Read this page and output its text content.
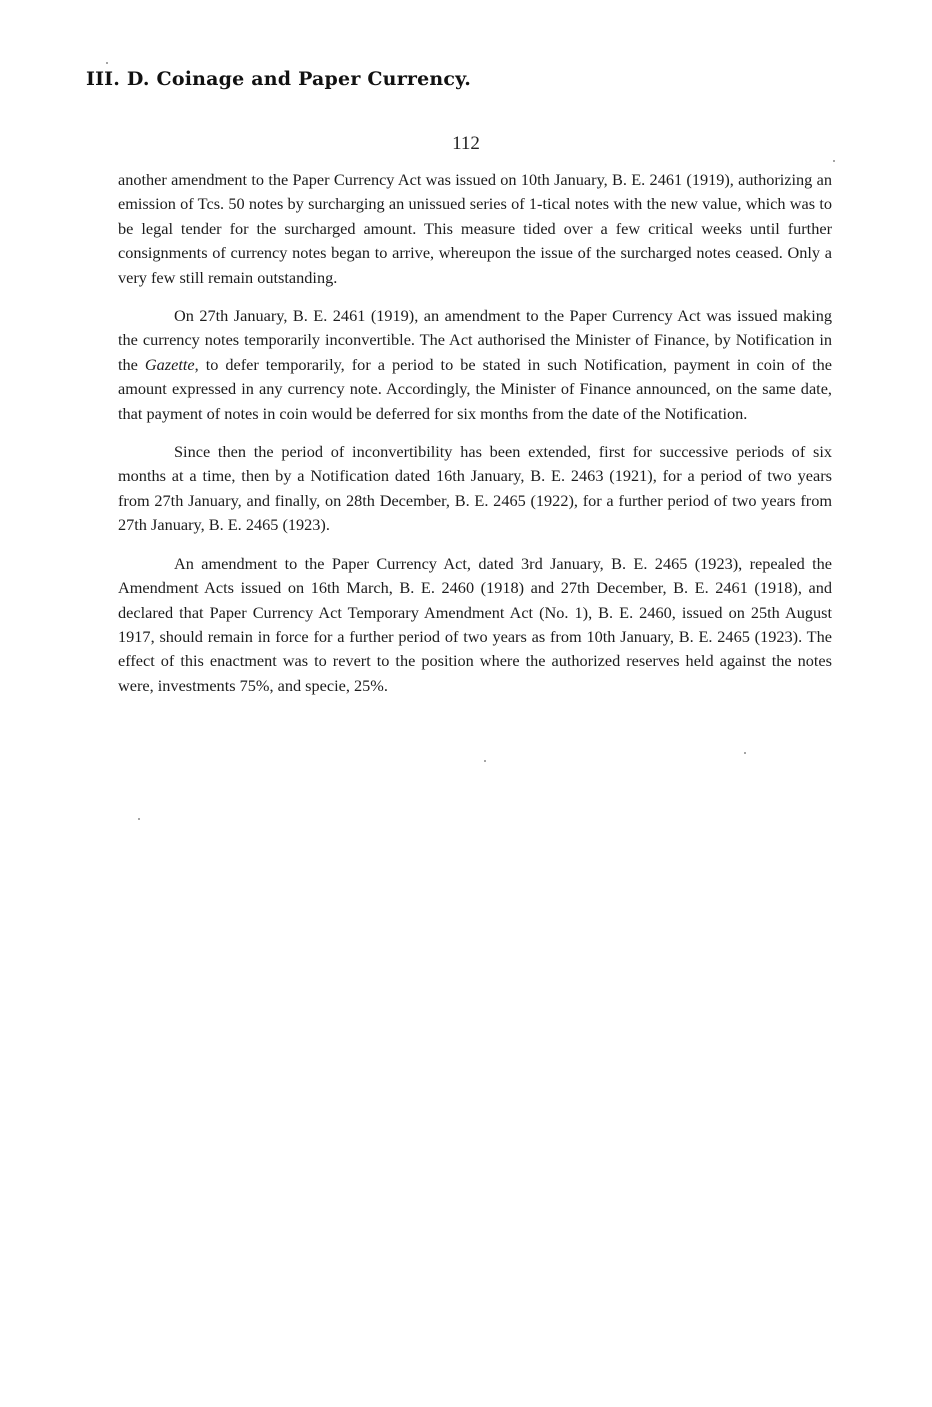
III. D. Coinage and Paper Currency.
112

another amendment to the Paper Currency Act was issued on 10th January, B. E. 2461 (1919), authorizing an emission of Tcs. 50 notes by surcharging an unissued series of 1-tical notes with the new value, which was to be legal tender for the surcharged amount. This measure tided over a few critical weeks until further consignments of currency notes began to arrive, whereupon the issue of the surcharged notes ceased. Only a very few still remain outstanding.

On 27th January, B. E. 2461 (1919), an amendment to the Paper Currency Act was issued making the currency notes temporarily inconvertible. The Act authorised the Minister of Finance, by Notification in the Gazette, to defer temporarily, for a period to be stated in such Notification, payment in coin of the amount expressed in any currency note. Accordingly, the Minister of Finance announced, on the same date, that payment of notes in coin would be deferred for six months from the date of the Notification.

Since then the period of inconvertibility has been extended, first for successive periods of six months at a time, then by a Notification dated 16th January, B. E. 2463 (1921), for a period of two years from 27th January, and finally, on 28th December, B. E. 2465 (1922), for a further period of two years from 27th January, B. E. 2465 (1923).

An amendment to the Paper Currency Act, dated 3rd January, B. E. 2465 (1923), repealed the Amendment Acts issued on 16th March, B. E. 2460 (1918) and 27th December, B. E. 2461 (1918), and declared that Paper Currency Act Temporary Amendment Act (No. 1), B. E. 2460, issued on 25th August 1917, should remain in force for a further period of two years as from 10th January, B. E. 2465 (1923). The effect of this enactment was to revert to the position where the authorized reserves held against the notes were, investments 75%, and specie, 25%.
